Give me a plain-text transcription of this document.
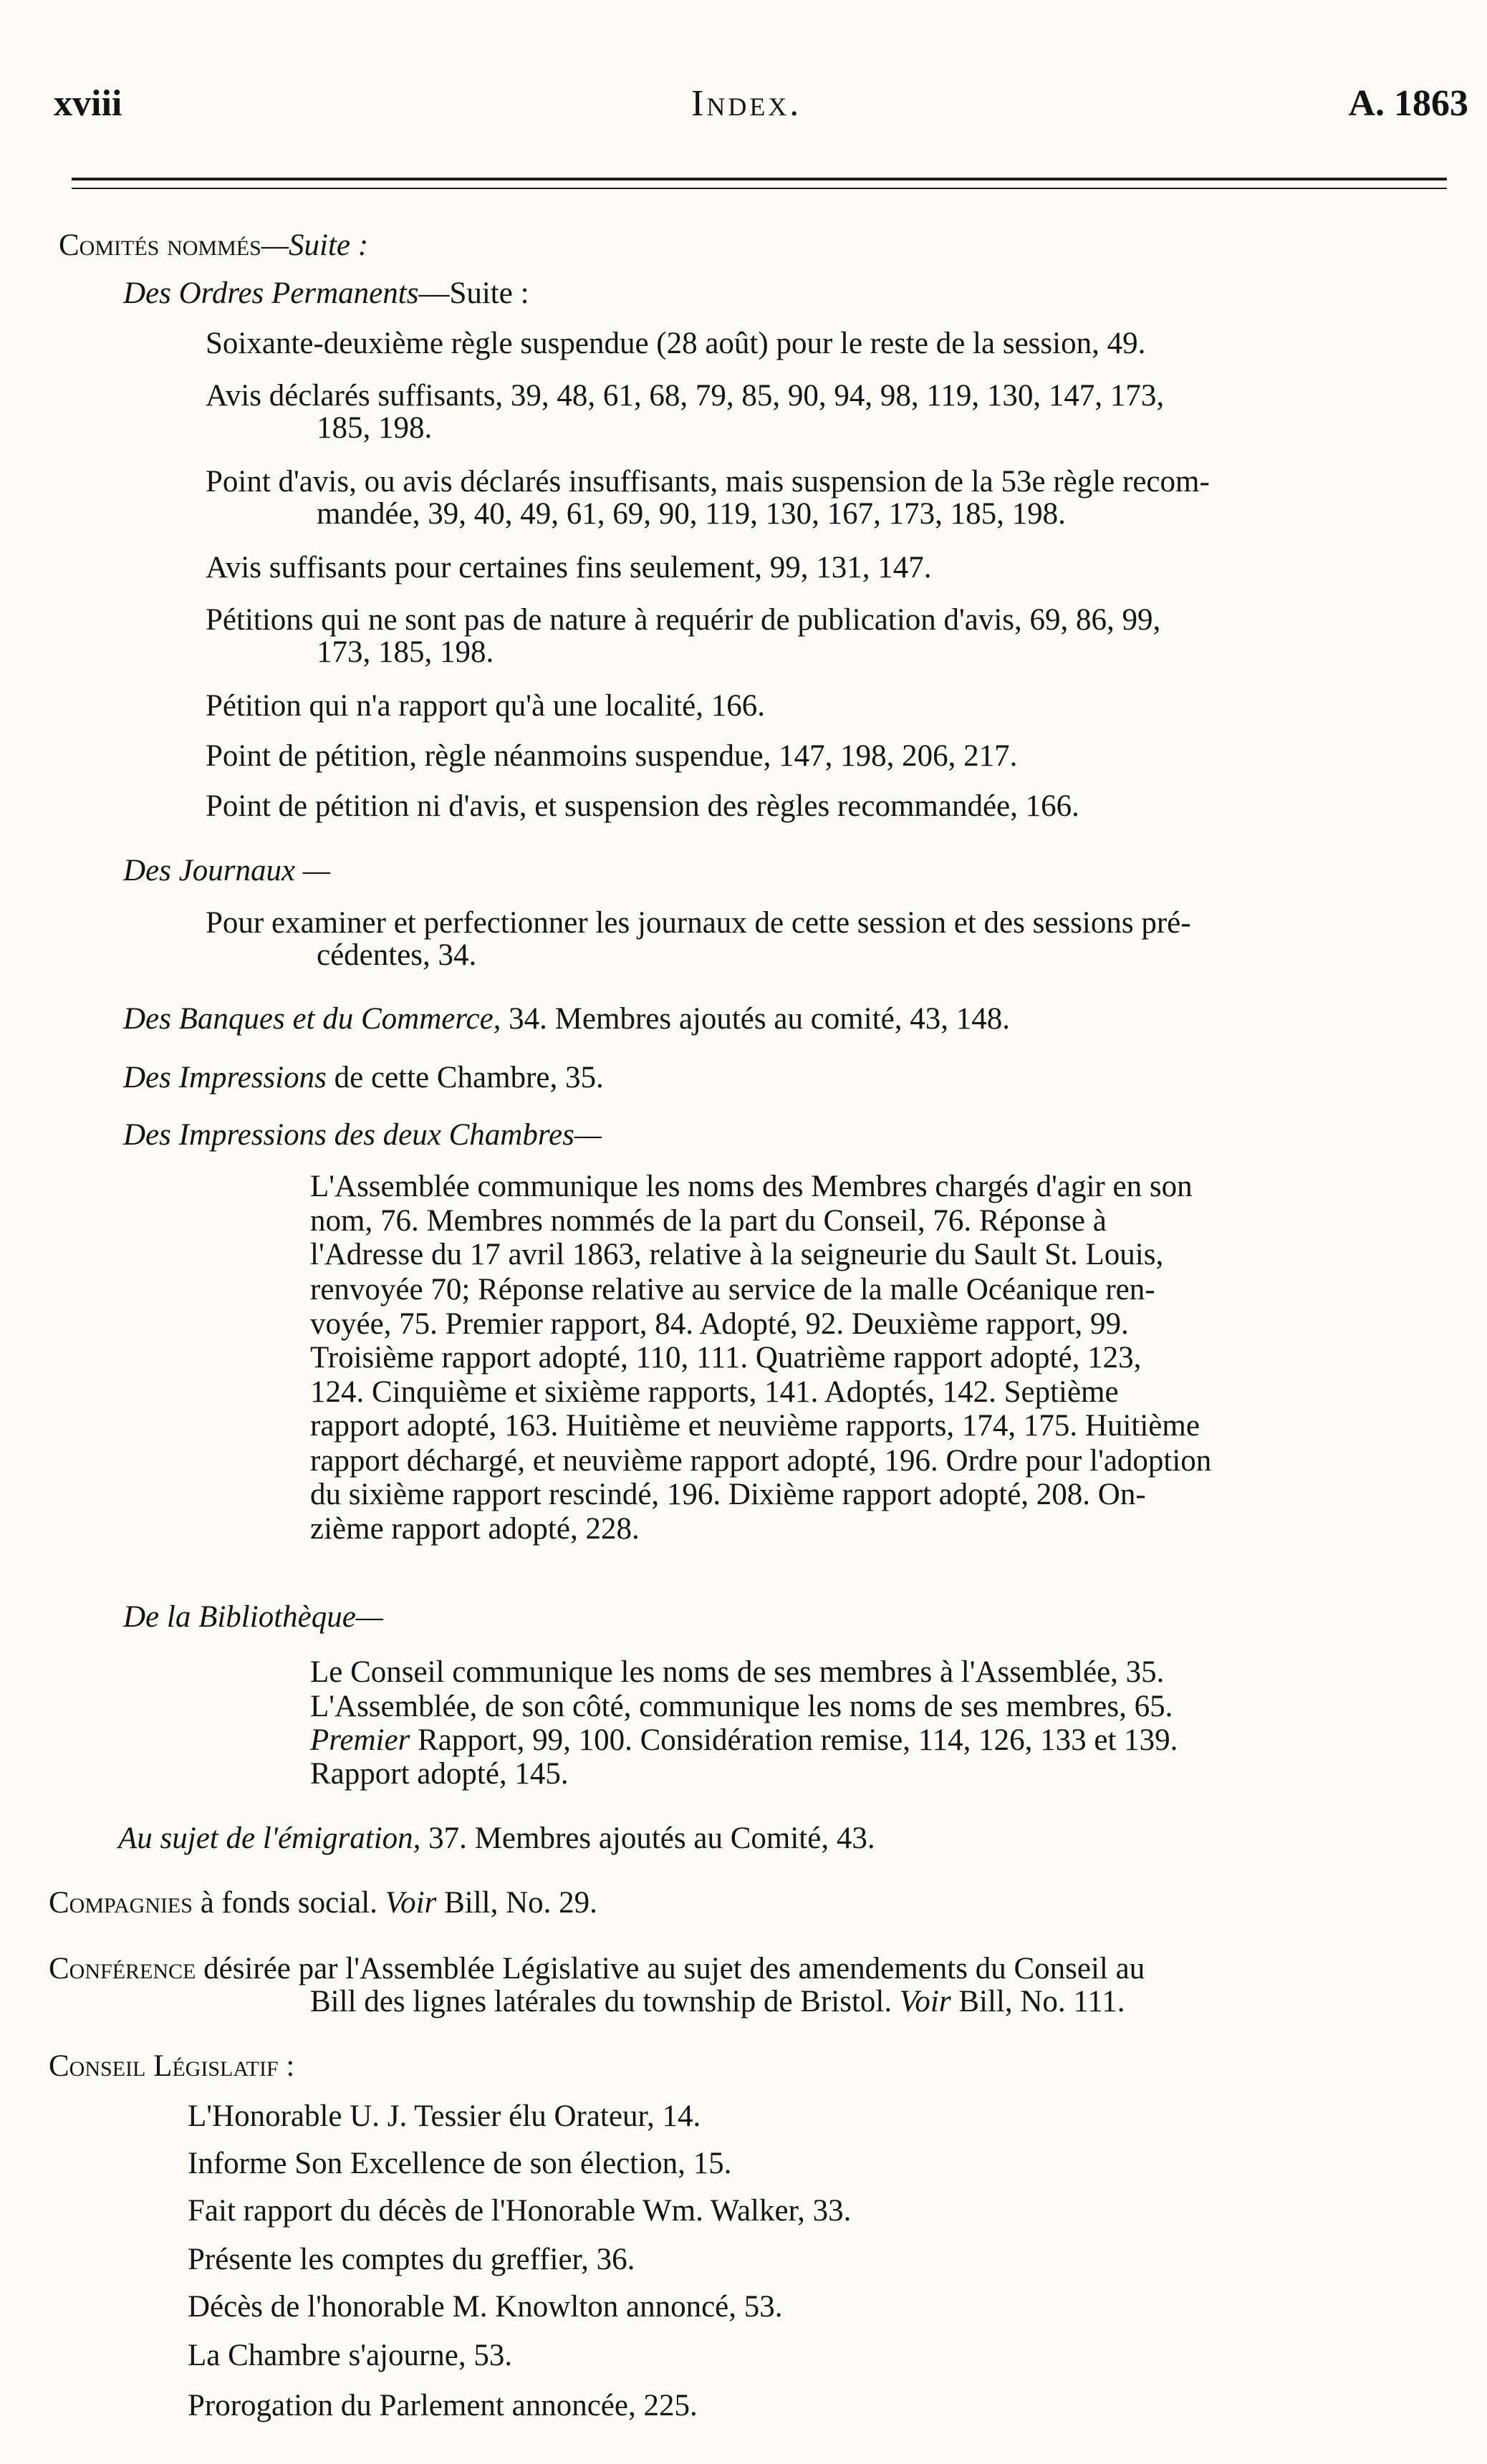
xviii	Index.	A. 1863
Comités nommés—Suite :
Des Ordres Permanents—Suite :
Soixante-deuxième règle suspendue (28 août) pour le reste de la session, 49.
Avis déclarés suffisants, 39, 48, 61, 68, 79, 85, 90, 94, 98, 119, 130, 147, 173,
185, 198.
Point d'avis, ou avis déclarés insuffisants, mais suspension de la 53e règle recom-
mandée, 39, 40, 49, 61, 69, 90, 119, 130, 167, 173, 185, 198.
Avis suffisants pour certaines fins seulement, 99, 131, 147.
Pétitions qui ne sont pas de nature à requérir de publication d'avis, 69, 86, 99,
173, 185, 198.
Pétition qui n'a rapport qu'à une localité, 166.
Point de pétition, règle néanmoins suspendue, 147, 198, 206, 217.
Point de pétition ni d'avis, et suspension des règles recommandée, 166.
Des Journaux —
Pour examiner et perfectionner les journaux de cette session et des sessions pré-
cédentes, 34.
Des Banques et du Commerce, 34. Membres ajoutés au comité, 43, 148.
Des Impressions de cette Chambre, 35.
Des Impressions des deux Chambres—
L'Assemblée communique les noms des Membres chargés d'agir en son
nom, 76. Membres nommés de la part du Conseil, 76. Réponse à
l'Adresse du 17 avril 1863, relative à la seigneurie du Sault St. Louis,
renvoyée 70; Réponse relative au service de la malle Océanique ren-
voyée, 75. Premier rapport, 84. Adopté, 92. Deuxième rapport, 99.
Troisième rapport adopté, 110, 111. Quatrième rapport adopté, 123,
124. Cinquième et sixième rapports, 141. Adoptés, 142. Septième
rapport adopté, 163. Huitième et neuvième rapports, 174, 175. Huitième
rapport déchargé, et neuvième rapport adopté, 196. Ordre pour l'adoption
du sixième rapport rescindé, 196. Dixième rapport adopté, 208. On-
zième rapport adopté, 228.
De la Bibliothèque—
Le Conseil communique les noms de ses membres à l'Assemblée, 35.
L'Assemblée, de son côté, communique les noms de ses membres, 65.
Premier Rapport, 99, 100. Considération remise, 114, 126, 133 et 139.
Rapport adopté, 145.
Au sujet de l'émigration, 37. Membres ajoutés au Comité, 43.
Compagnies à fonds social. Voir Bill, No. 29.
Conférence désirée par l'Assemblée Législative au sujet des amendements du Conseil au
Bill des lignes latérales du township de Bristol. Voir Bill, No. 111.
Conseil Législatif :
L'Honorable U. J. Tessier élu Orateur, 14.
Informe Son Excellence de son élection, 15.
Fait rapport du décès de l'Honorable Wm. Walker, 33.
Présente les comptes du greffier, 36.
Décès de l'honorable M. Knowlton annoncé, 53.
La Chambre s'ajourne, 53.
Prorogation du Parlement annoncée, 225.
